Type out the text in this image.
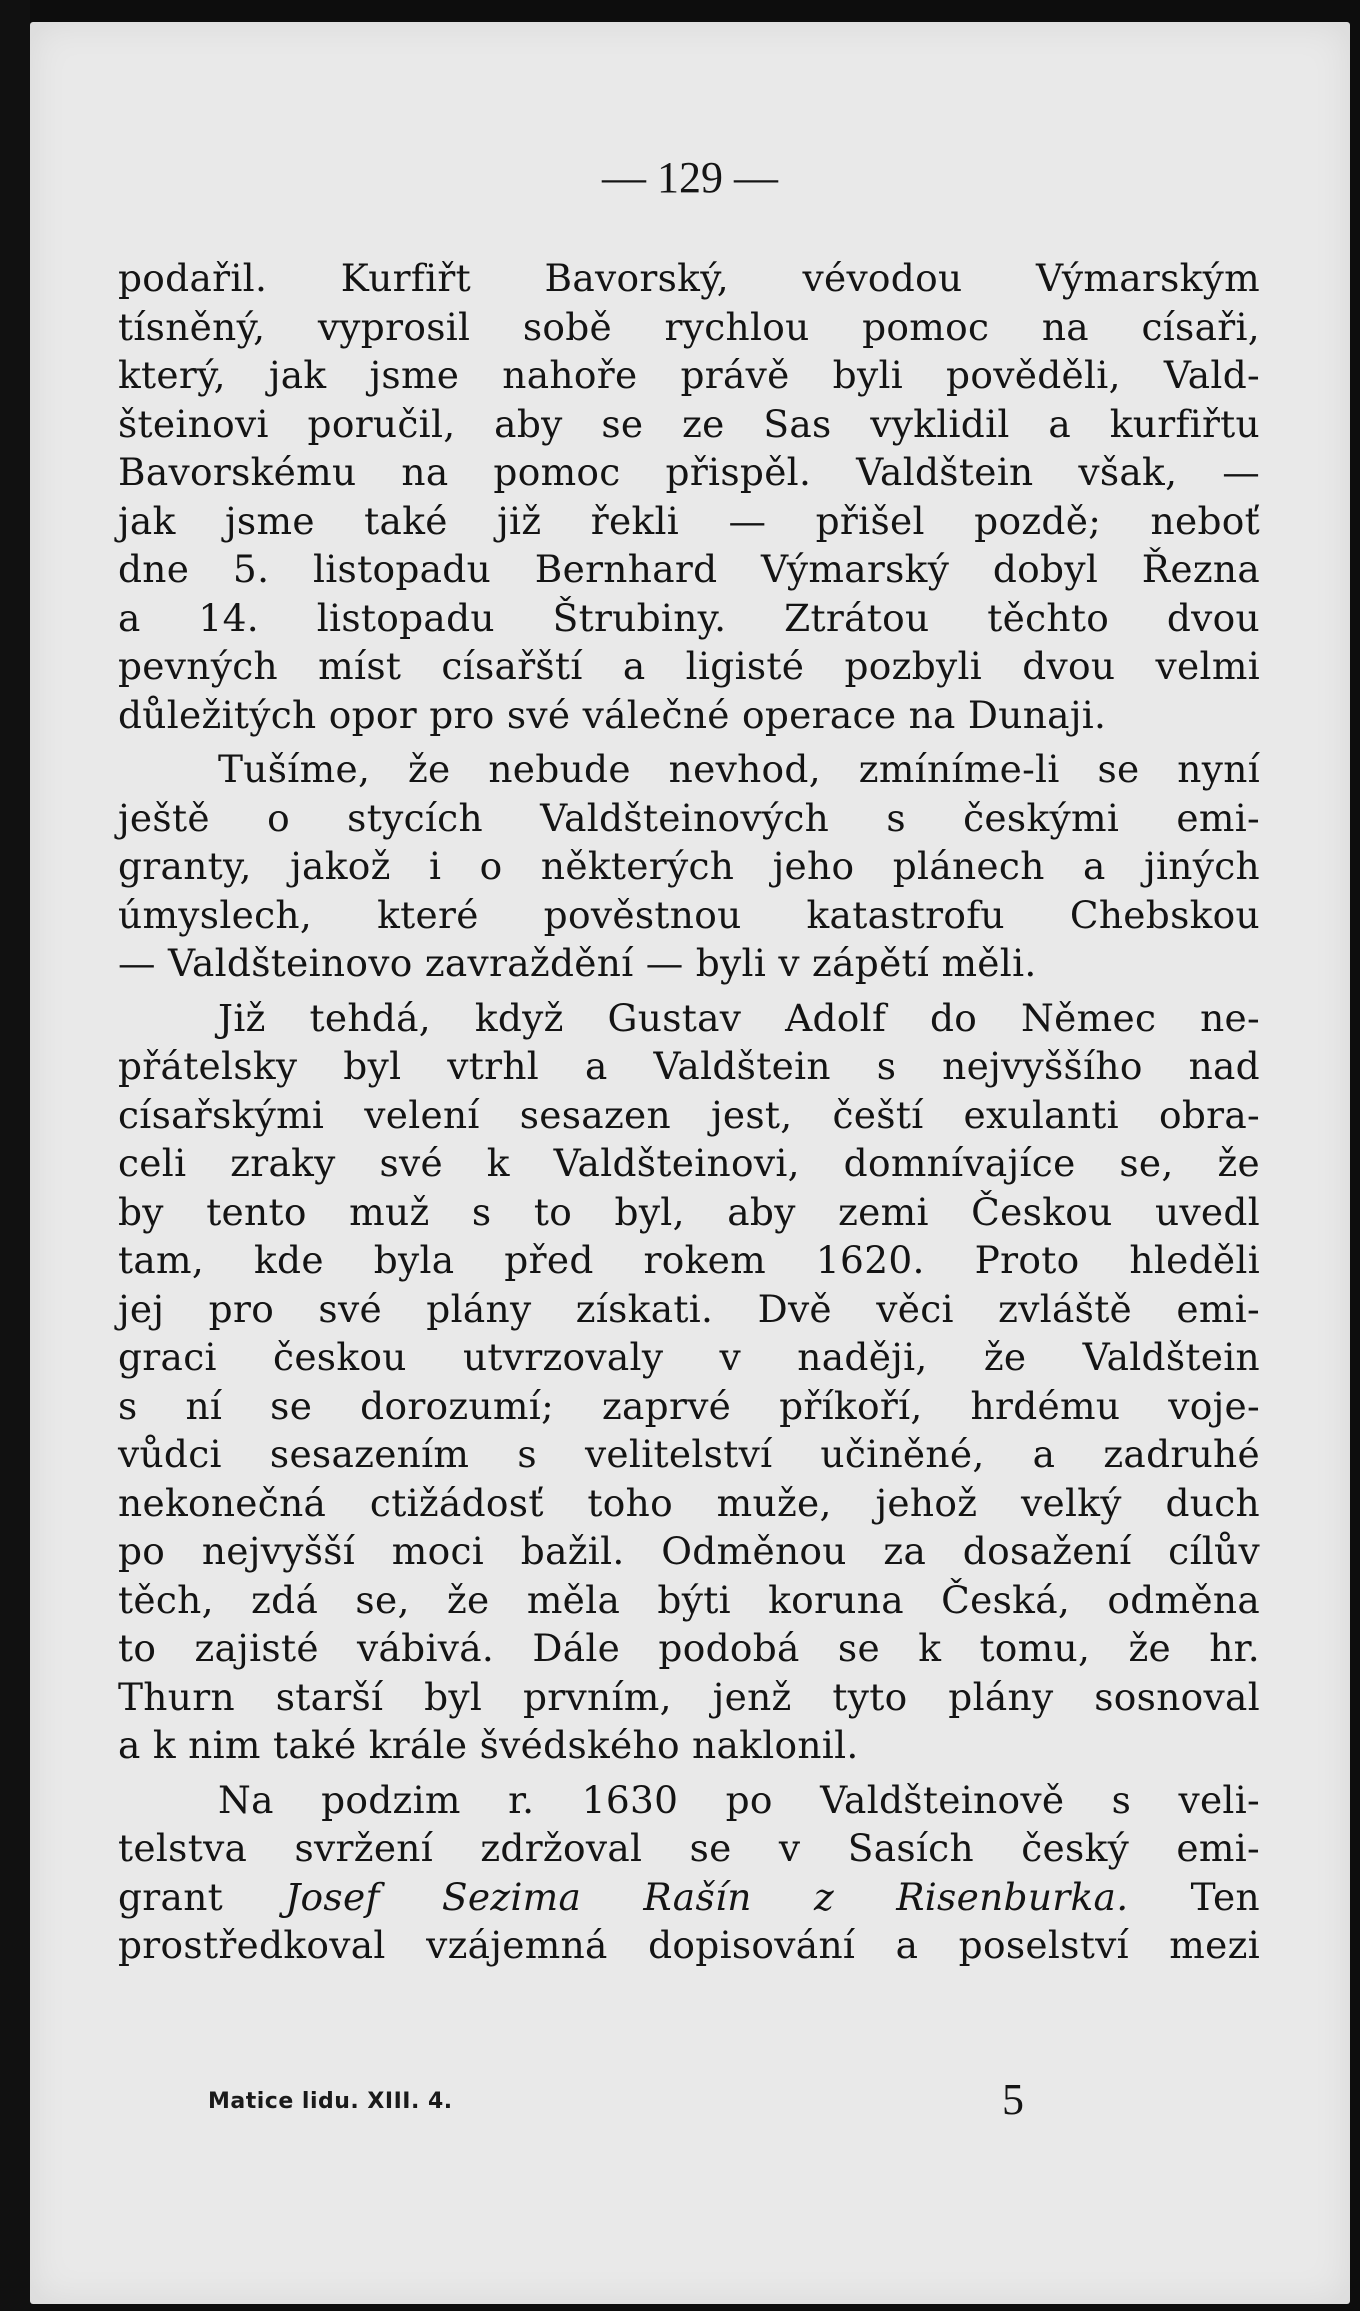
— 129 —
podařil. Kurfiřt Bavorský, vévodou Výmarským
tísněný, vyprosil sobě rychlou pomoc na císaři,
který, jak jsme nahoře právě byli pověděli, Vald-
šteinovi poručil, aby se ze Sas vyklidil a kurfiřtu
Bavorskému na pomoc přispěl. Valdštein však, —
jak jsme také již řekli — přišel pozdě; neboť
dne 5. listopadu Bernhard Výmarský dobyl Řezna
a 14. listopadu Štrubiny. Ztrátou těchto dvou
pevných míst císařští a ligisté pozbyli dvou velmi
důležitých opor pro své válečné operace na Dunaji.
Tušíme, že nebude nevhod, zmíníme-li se nyní
ještě o stycích Valdšteinových s českými emi-
granty, jakož i o některých jeho plánech a jiných
úmyslech, které pověstnou katastrofu Chebskou
— Valdšteinovo zavraždění — byli v zápětí měli.
Již tehdá, když Gustav Adolf do Němec ne-
přátelsky byl vtrhl a Valdštein s nejvyššího nad
císařskými velení sesazen jest, čeští exulanti obra-
celi zraky své k Valdšteinovi, domnívajíce se, že
by tento muž s to byl, aby zemi Českou uvedl
tam, kde byla před rokem 1620. Proto hleděli
jej pro své plány získati. Dvě věci zvláště emi-
graci českou utvrzovaly v naději, že Valdštein
s ní se dorozumí; zaprvé příkoří, hrdému voje-
vůdci sesazením s velitelství učiněné, a zadruhé
nekonečná ctižádosť toho muže, jehož velký duch
po nejvyšší moci bažil. Odměnou za dosažení cílův
těch, zdá se, že měla býti koruna Česká, odměna
to zajisté vábivá. Dále podobá se k tomu, že hr.
Thurn starší byl prvním, jenž tyto plány sosnoval
a k nim také krále švédského naklonil.
Na podzim r. 1630 po Valdšteinově s veli-
telstva svržení zdržoval se v Sasích český emi-
grant Josef Sezima Rašín z Risenburka. Ten
prostředkoval vzájemná dopisování a poselství mezi
Matice lidu. XIII. 4.	5
